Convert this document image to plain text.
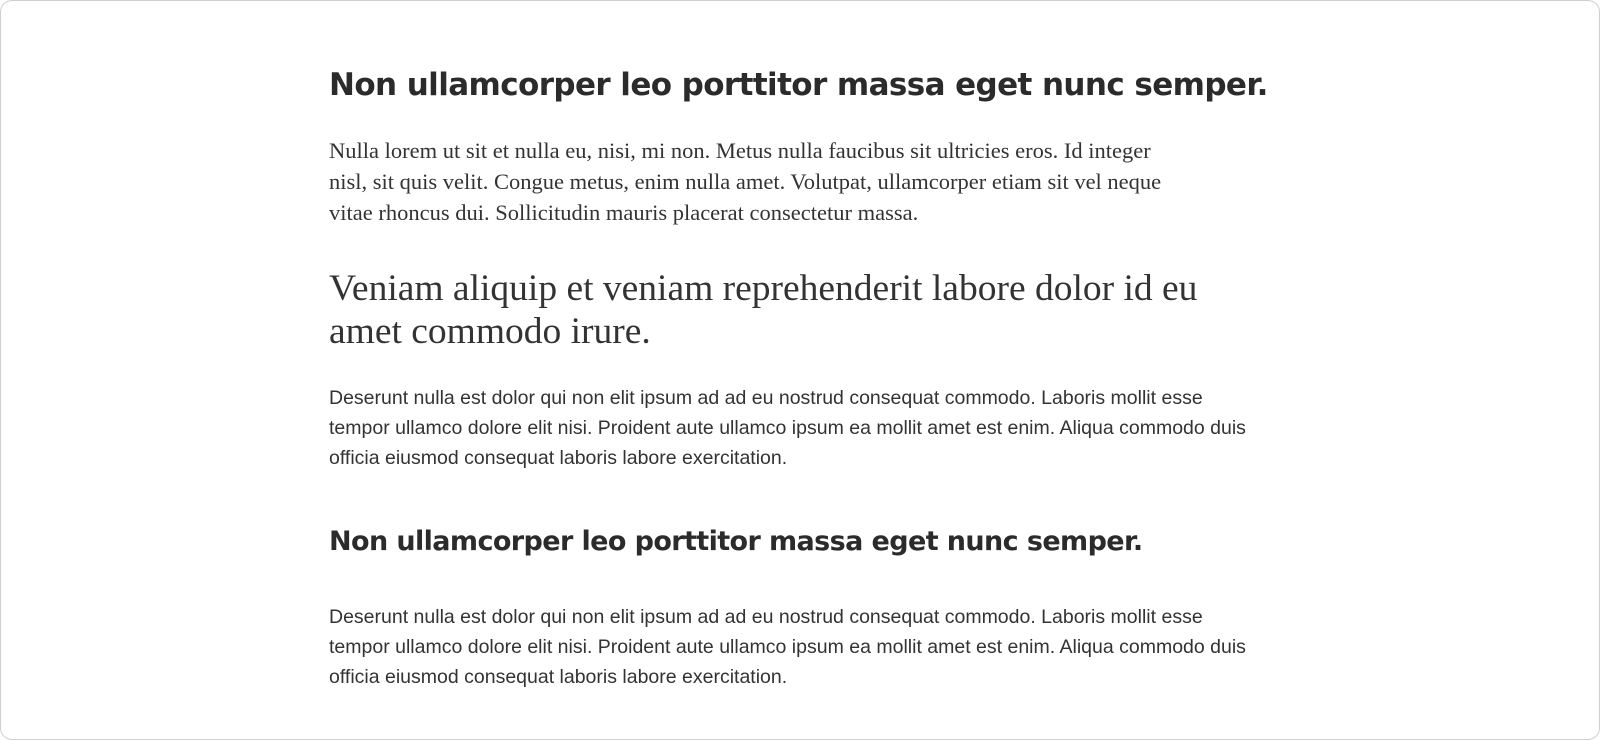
Non ullamcorper leo porttitor massa eget nunc semper.

Nulla lorem ut sit et nulla eu, nisi, mi non. Metus nulla faucibus sit ultricies eros. Id integer nisl, sit quis velit. Congue metus, enim nulla amet. Volutpat, ullamcorper etiam sit vel neque vitae rhoncus dui. Sollicitudin mauris placerat consectetur massa.

Veniam aliquip et veniam reprehenderit labore dolor id eu amet commodo irure.

Deserunt nulla est dolor qui non elit ipsum ad ad eu nostrud consequat commodo. Laboris mollit esse tempor ullamco dolore elit nisi. Proident aute ullamco ipsum ea mollit amet est enim. Aliqua commodo duis officia eiusmod consequat laboris labore exercitation.

Non ullamcorper leo porttitor massa eget nunc semper.

Deserunt nulla est dolor qui non elit ipsum ad ad eu nostrud consequat commodo. Laboris mollit esse tempor ullamco dolore elit nisi. Proident aute ullamco ipsum ea mollit amet est enim. Aliqua commodo duis officia eiusmod consequat laboris labore exercitation.
